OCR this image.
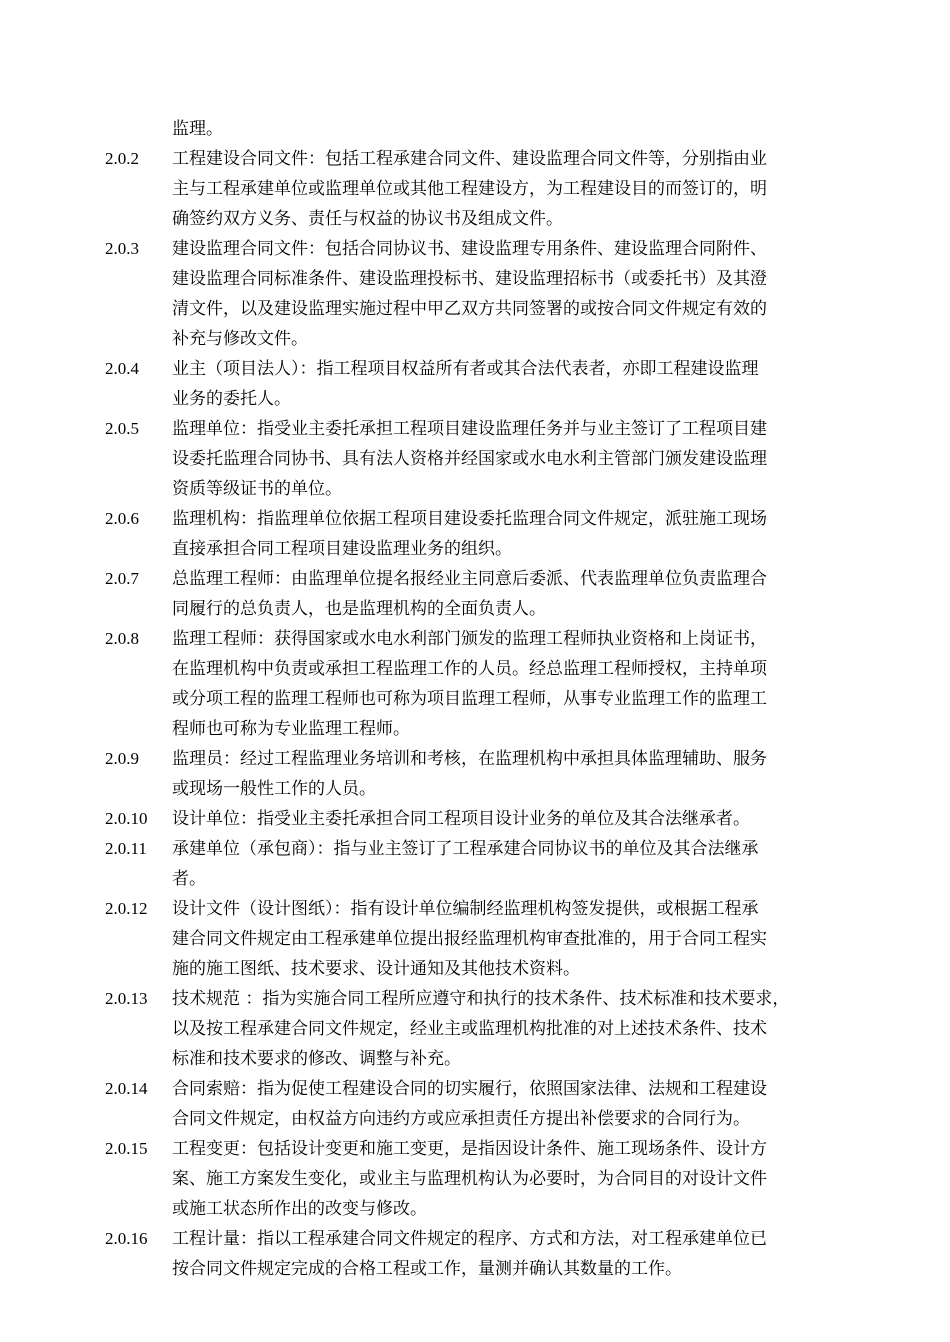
监理。
2.0.2 工程建设合同文件：包括工程承建合同文件、建设监理合同文件等，分别指由业
主与工程承建单位或监理单位或其他工程建设方，为工程建设目的而签订的，明
确签约双方义务、责任与权益的协议书及组成文件。
2.0.3 建设监理合同文件：包括合同协议书、建设监理专用条件、建设监理合同附件、
建设监理合同标准条件、建设监理投标书、建设监理招标书（或委托书）及其澄
清文件，以及建设监理实施过程中甲乙双方共同签署的或按合同文件规定有效的
补充与修改文件。
2.0.4 业主（项目法人）：指工程项目权益所有者或其合法代表者，亦即工程建设监理
业务的委托人。
2.0.5 监理单位：指受业主委托承担工程项目建设监理任务并与业主签订了工程项目建
设委托监理合同协书、具有法人资格并经国家或水电水利主管部门颁发建设监理
资质等级证书的单位。
2.0.6 监理机构：指监理单位依据工程项目建设委托监理合同文件规定，派驻施工现场
直接承担合同工程项目建设监理业务的组织。
2.0.7 总监理工程师：由监理单位提名报经业主同意后委派、代表监理单位负责监理合
同履行的总负责人，也是监理机构的全面负责人。
2.0.8 监理工程师：获得国家或水电水利部门颁发的监理工程师执业资格和上岗证书，
在监理机构中负责或承担工程监理工作的人员。经总监理工程师授权，主持单项
或分项工程的监理工程师也可称为项目监理工程师，从事专业监理工作的监理工
程师也可称为专业监理工程师。
2.0.9 监理员：经过工程监理业务培训和考核，在监理机构中承担具体监理辅助、服务
或现场一般性工作的人员。
2.0.10 设计单位：指受业主委托承担合同工程项目设计业务的单位及其合法继承者。
2.0.11 承建单位（承包商）：指与业主签订了工程承建合同协议书的单位及其合法继承
者。
2.0.12 设计文件（设计图纸）：指有设计单位编制经监理机构签发提供，或根据工程承
建合同文件规定由工程承建单位提出报经监理机构审查批准的，用于合同工程实
施的施工图纸、技术要求、设计通知及其他技术资料。
2.0.13 技术规范 ：指为实施合同工程所应遵守和执行的技术条件、技术标准和技术要求，
以及按工程承建合同文件规定，经业主或监理机构批准的对上述技术条件、技术
标准和技术要求的修改、调整与补充。
2.0.14 合同索赔：指为促使工程建设合同的切实履行，依照国家法律、法规和工程建设
合同文件规定，由权益方向违约方或应承担责任方提出补偿要求的合同行为。
2.0.15 工程变更：包括设计变更和施工变更，是指因设计条件、施工现场条件、设计方
案、施工方案发生变化，或业主与监理机构认为必要时，为合同目的对设计文件
或施工状态所作出的改变与修改。
2.0.16 工程计量：指以工程承建合同文件规定的程序、方式和方法，对工程承建单位已
按合同文件规定完成的合格工程或工作，量测并确认其数量的工作。
